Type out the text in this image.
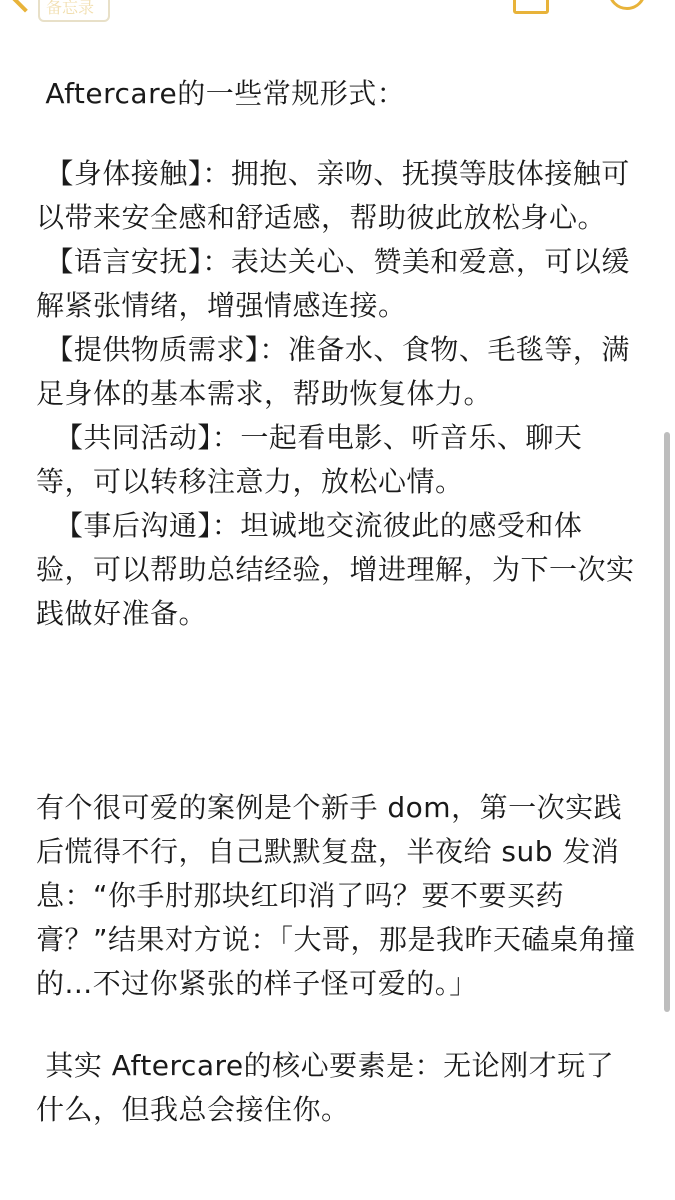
备忘录

Aftercare的一些常规形式：

【身体接触】：拥抱、亲吻、抚摸等肢体接触可以带来安全感和舒适感，帮助彼此放松身心。

【语言安抚】：表达关心、赞美和爱意，可以缓解紧张情绪，增强情感连接。

【提供物质需求】：准备水、食物、毛毯等，满足身体的基本需求，帮助恢复体力。

【共同活动】：一起看电影、听音乐、聊天等，可以转移注意力，放松心情。

【事后沟通】：坦诚地交流彼此的感受和体验，可以帮助总结经验，增进理解，为下一次实践做好准备。

有个很可爱的案例是个新手 dom，第一次实践后慌得不行，自己默默复盘，半夜给 sub 发消息：“你手肘那块红印消了吗？要不要买药膏？”结果对方说：「大哥，那是我昨天磕桌角撞的...不过你紧张的样子怪可爱的。」

其实 Aftercare的核心要素是：无论刚才玩了什么，但我总会接住你。
